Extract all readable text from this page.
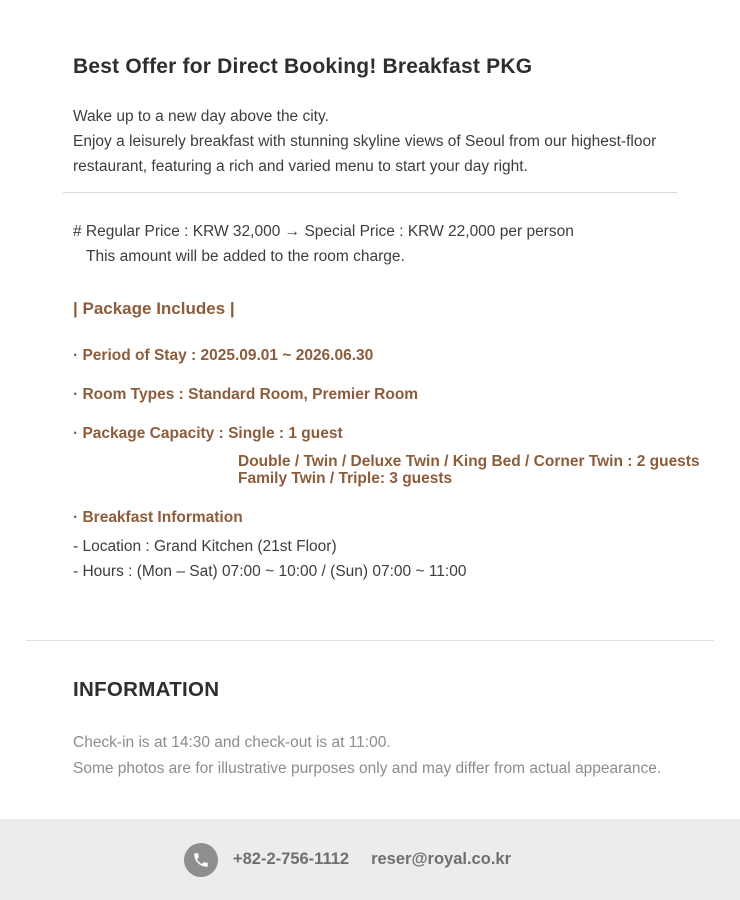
Best Offer for Direct Booking! Breakfast PKG
Wake up to a new day above the city.
Enjoy a leisurely breakfast with stunning skyline views of Seoul from our highest-floor
restaurant, featuring a rich and varied menu to start your day right.
# Regular Price : KRW 32,000 → Special Price : KRW 22,000 per person
This amount will be added to the room charge.
| Package Includes |
· Period of Stay : 2025.09.01 ~ 2026.06.30
· Room Types : Standard Room, Premier Room
· Package Capacity : Single : 1 guest
Double / Twin / Deluxe Twin / King Bed / Corner Twin : 2 guests
Family Twin / Triple: 3 guests
· Breakfast Information
- Location : Grand Kitchen (21st Floor)
- Hours : (Mon – Sat) 07:00 ~ 10:00 / (Sun) 07:00 ~ 11:00
INFORMATION
Check-in is at 14:30 and check-out is at 11:00.
Some photos are for illustrative purposes only and may differ from actual appearance.
+82-2-756-1112 reser@royal.co.kr
